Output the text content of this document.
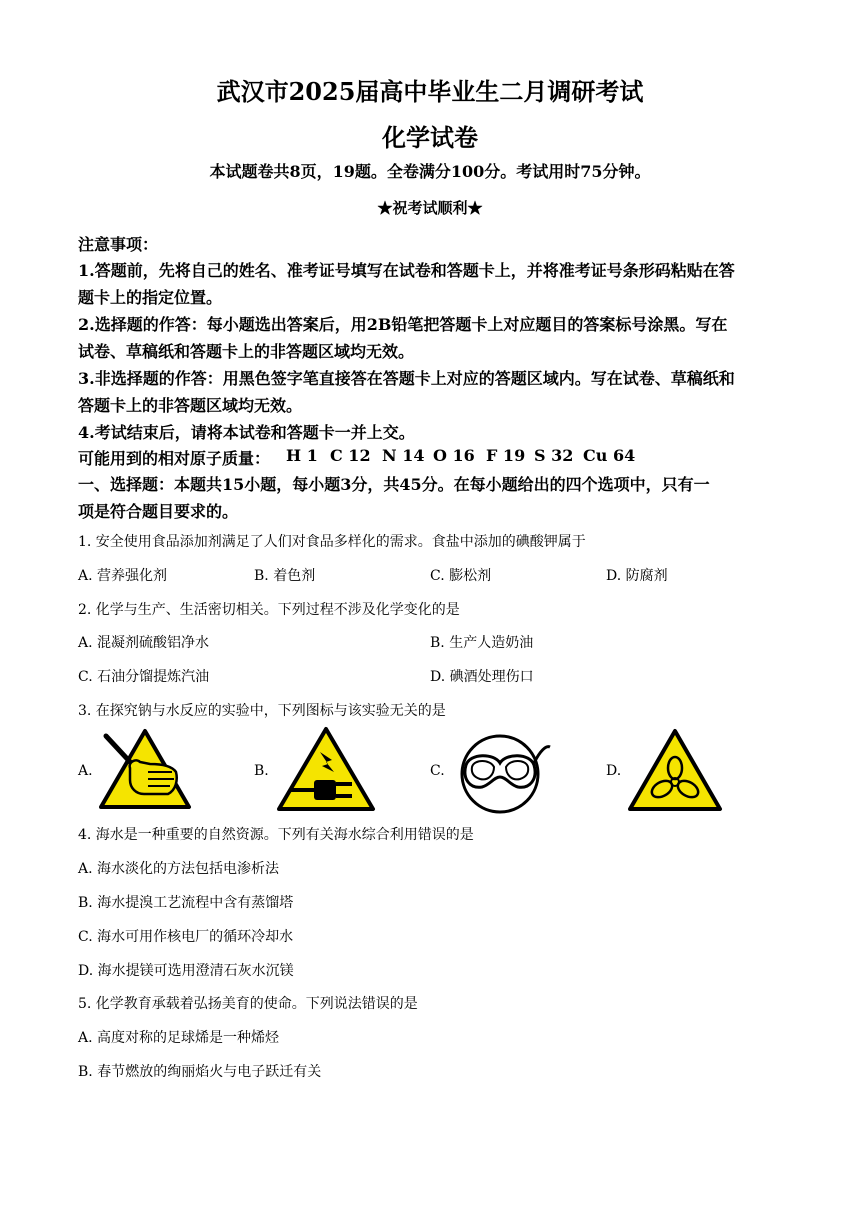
武汉市2025届高中毕业生二月调研考试
化学试卷
本试题卷共8页，19题。全卷满分100分。考试用时75分钟。
★祝考试顺利★
注意事项：
1.答题前，先将自己的姓名、准考证号填写在试卷和答题卡上，并将准考证号条形码粘贴在答
题卡上的指定位置。
2.选择题的作答：每小题选出答案后，用2B铅笔把答题卡上对应题目的答案标号涂黑。写在
试卷、草稿纸和答题卡上的非答题区域均无效。
3.非选择题的作答：用黑色签字笔直接答在答题卡上对应的答题区域内。写在试卷、草稿纸和
答题卡上的非答题区域均无效。
4.考试结束后，请将本试卷和答题卡一并上交。
可能用到的相对原子质量： H 1 C 12 N 14 O 16 F 19 S 32 Cu 64
一、选择题：本题共15小题，每小题3分，共45分。在每小题给出的四个选项中，只有一
项是符合题目要求的。
1. 安全使用食品添加剂满足了人们对食品多样化的需求。食盐中添加的碘酸钾属于
A. 营养强化剂	B. 着色剂	C. 膨松剂	D. 防腐剂
2. 化学与生产、生活密切相关。下列过程不涉及化学变化的是
A. 混凝剂硫酸铝净水	B. 生产人造奶油
C. 石油分馏提炼汽油	D. 碘酒处理伤口
3. 在探究钠与水反应的实验中，下列图标与该实验无关的是
A.	B.	C.	D.
4. 海水是一种重要的自然资源。下列有关海水综合利用错误的是
A. 海水淡化的方法包括电渗析法
B. 海水提溴工艺流程中含有蒸馏塔
C. 海水可用作核电厂的循环冷却水
D. 海水提镁可选用澄清石灰水沉镁
5. 化学教育承载着弘扬美育的使命。下列说法错误的是
A. 高度对称的足球烯是一种烯烃
B. 春节燃放的绚丽焰火与电子跃迁有关
